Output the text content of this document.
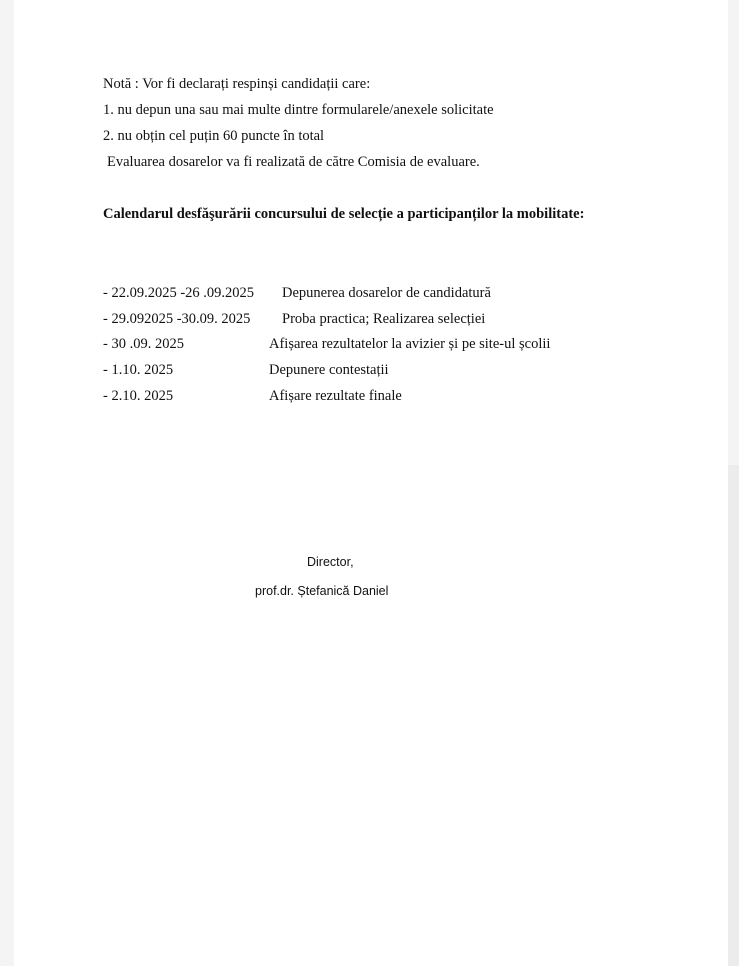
Notă : Vor fi declarați respinși candidații care:
1. nu depun una sau mai multe dintre formularele/anexele solicitate
2. nu obțin cel puțin 60 puncte în total
Evaluarea dosarelor va fi realizată de către Comisia de evaluare.
Calendarul desfăşurării concursului de selecție a participanților la mobilitate:
- 22.09.2025 -26 .09.2025 Depunerea dosarelor de candidatură
- 29.092025 -30.09. 2025 Proba practica; Realizarea selecției
- 30 .09. 2025	Afișarea rezultatelor la avizier și pe site-ul școlii
- 1.10. 2025	Depunere contestații
- 2.10. 2025	Afișare rezultate finale
Director,
prof.dr. Ștefanică Daniel
